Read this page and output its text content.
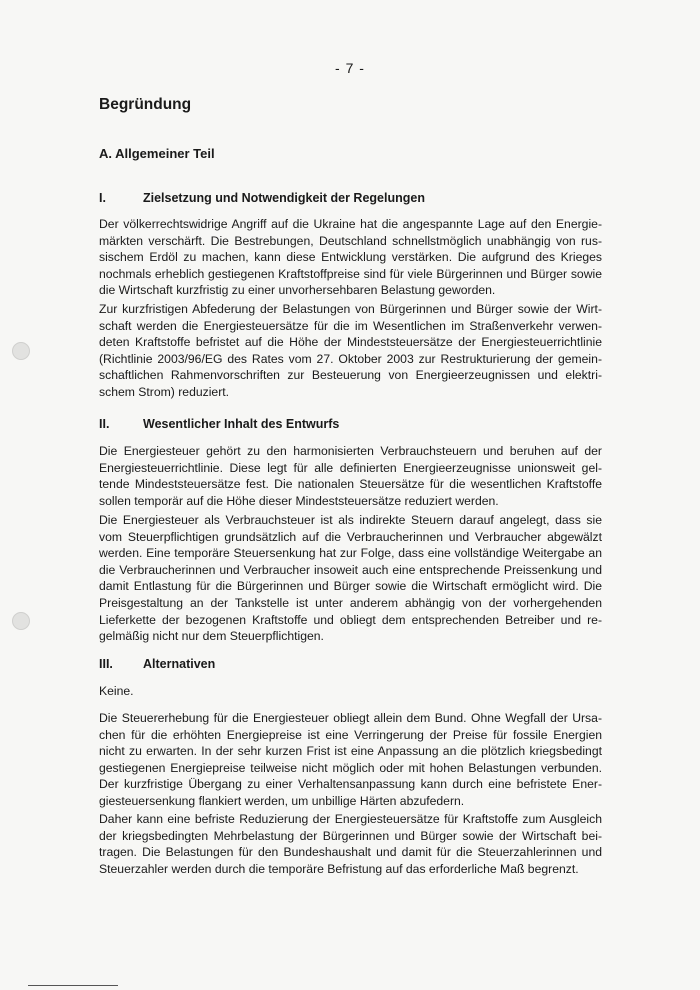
- 7 -
Begründung
A. Allgemeiner Teil
I.	Zielsetzung und Notwendigkeit der Regelungen
Der völkerrechtswidrige Angriff auf die Ukraine hat die angespannte Lage auf den Energiemärkten verschärft. Die Bestrebungen, Deutschland schnellstmöglich unabhängig von russischem Erdöl zu machen, kann diese Entwicklung verstärken. Die aufgrund des Krieges nochmals erheblich gestiegenen Kraftstoffpreise sind für viele Bürgerinnen und Bürger sowie die Wirtschaft kurzfristig zu einer unvorhersehbaren Belastung geworden.
Zur kurzfristigen Abfederung der Belastungen von Bürgerinnen und Bürger sowie der Wirtschaft werden die Energiesteuersätze für die im Wesentlichen im Straßenverkehr verwendeten Kraftstoffe befristet auf die Höhe der Mindeststeuersätze der Energiesteuerrichtlinie (Richtlinie 2003/96/EG des Rates vom 27. Oktober 2003 zur Restrukturierung der gemeinschaftlichen Rahmenvorschriften zur Besteuerung von Energieerzeugnissen und elektrischem Strom) reduziert.
II.	Wesentlicher Inhalt des Entwurfs
Die Energiesteuer gehört zu den harmonisierten Verbrauchsteuern und beruhen auf der Energiesteuerrichtlinie. Diese legt für alle definierten Energieerzeugnisse unionsweit geltende Mindeststeuersätze fest. Die nationalen Steuersätze für die wesentlichen Kraftstoffe sollen temporär auf die Höhe dieser Mindeststeuersätze reduziert werden.
Die Energiesteuer als Verbrauchsteuer ist als indirekte Steuern darauf angelegt, dass sie vom Steuerpflichtigen grundsätzlich auf die Verbraucherinnen und Verbraucher abgewälzt werden. Eine temporäre Steuersenkung hat zur Folge, dass eine vollständige Weitergabe an die Verbraucherinnen und Verbraucher insoweit auch eine entsprechende Preissenkung und damit Entlastung für die Bürgerinnen und Bürger sowie die Wirtschaft ermöglicht wird. Die Preisgestaltung an der Tankstelle ist unter anderem abhängig von der vorhergehenden Lieferkette der bezogenen Kraftstoffe und obliegt dem entsprechenden Betreiber und regelmäßig nicht nur dem Steuerpflichtigen.
III. Alternativen
Keine.
Die Steuererhebung für die Energiesteuer obliegt allein dem Bund. Ohne Wegfall der Ursachen für die erhöhten Energiepreise ist eine Verringerung der Preise für fossile Energien nicht zu erwarten. In der sehr kurzen Frist ist eine Anpassung an die plötzlich kriegsbedingt gestiegenen Energiepreise teilweise nicht möglich oder mit hohen Belastungen verbunden. Der kurzfristige Übergang zu einer Verhaltensanpassung kann durch eine befristete Energiesteuersenkung flankiert werden, um unbillige Härten abzufedern.
Daher kann eine befriste Reduzierung der Energiesteuersätze für Kraftstoffe zum Ausgleich der kriegsbedingten Mehrbelastung der Bürgerinnen und Bürger sowie der Wirtschaft beitragen. Die Belastungen für den Bundeshaushalt und damit für die Steuerzahlerinnen und Steuerzahler werden durch die temporäre Befristung auf das erforderliche Maß begrenzt.
